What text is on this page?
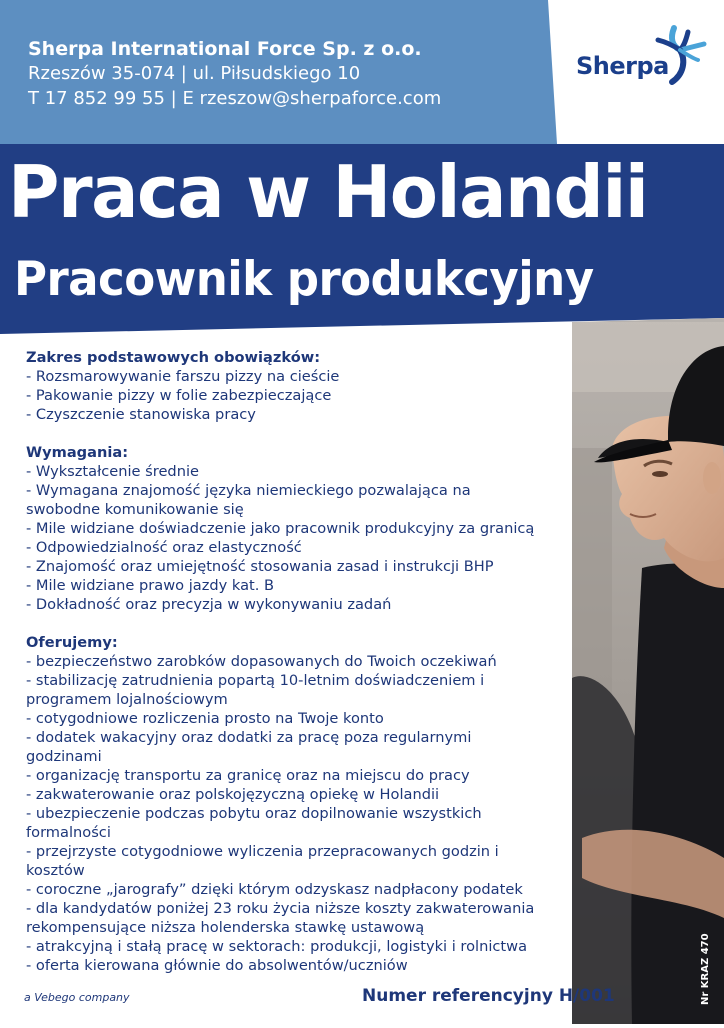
Sherpa International Force Sp. z o.o.
Rzeszów 35-074 | ul. Piłsudskiego 10
T 17 852 99 55 | E rzeszow@sherpaforce.com
Sherpa
Praca w Holandii
Pracownik produkcyjny

Zakres podstawowych obowiązków:

- Rozsmarowywanie farszu pizzy na cieście

- Pakowanie pizzy w folie zabezpieczające

- Czyszczenie stanowiska pracy

Wymagania:

- Wykształcenie średnie

- Wymagana znajomość języka niemieckiego pozwalająca na

swobodne komunikowanie się

- Mile widziane doświadczenie jako pracownik produkcyjny za granicą

- Odpowiedzialność oraz elastyczność

- Znajomość oraz umiejętność stosowania zasad i instrukcji BHP

- Mile widziane prawo jazdy kat. B

- Dokładność oraz precyzja w wykonywaniu zadań

Oferujemy:

- bezpieczeństwo zarobków dopasowanych do Twoich oczekiwań

- stabilizację zatrudnienia popartą 10-letnim doświadczeniem i

programem lojalnościowym

- cotygodniowe rozliczenia prosto na Twoje konto

- dodatek wakacyjny oraz dodatki za pracę poza regularnymi

godzinami

- organizację transportu za granicę oraz na miejscu do pracy

- zakwaterowanie oraz polskojęzyczną opiekę w Holandii

- ubezpieczenie podczas pobytu oraz dopilnowanie wszystkich

formalności

- przejrzyste cotygodniowe wyliczenia przepracowanych godzin i

kosztów

- coroczne „jarografy” dzięki którym odzyskasz nadpłacony podatek

- dla kandydatów poniżej 23 roku życia niższe koszty zakwaterowania

rekompensujące niższa holenderska stawkę ustawową

- atrakcyjną i stałą pracę w sektorach: produkcji, logistyki i rolnictwa

- oferta kierowana głównie do absolwentów/uczniów

a Vebego company	Numer referencyjny H/001	Nr KRAZ 470
